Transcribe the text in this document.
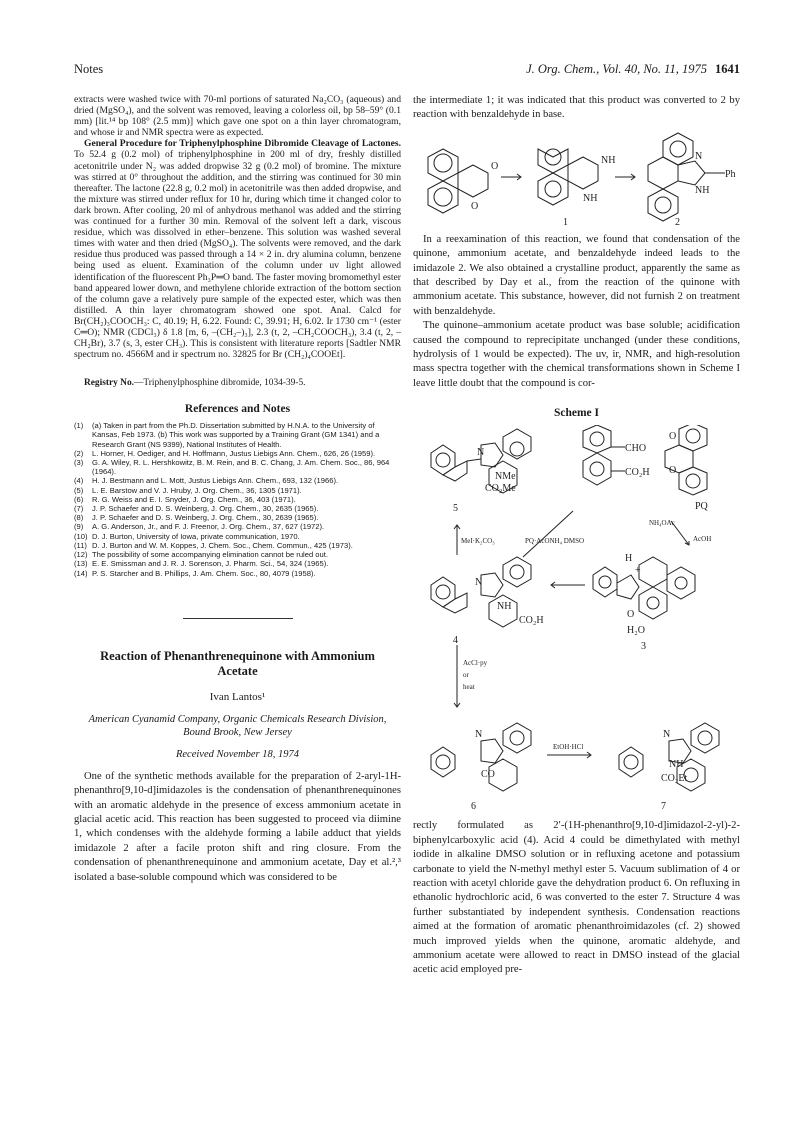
Notes	J. Org. Chem., Vol. 40, No. 11, 1975 1641

extracts were washed twice with 70-ml portions of saturated Na₂CO₃ (aqueous) and dried (MgSO₄), and the solvent was removed, leaving a colorless oil, bp 58–59° (0.1 mm) [lit.¹⁴ bp 108° (2.5 mm)] which gave one spot on a thin layer chromatogram, and whose ir and NMR spectra were as expected.

General Procedure for Triphenylphosphine Dibromide Cleavage of Lactones. To 52.4 g (0.2 mol) of triphenylphosphine in 200 ml of dry, freshly distilled acetonitrile under N₂ was added dropwise 32 g (0.2 mol) of bromine. The mixture was stirred at 0° throughout the addition, and the stirring was continued for 30 min thereafter. The lactone (22.8 g, 0.2 mol) in acetonitrile was then added dropwise, and the mixture was stirred under reflux for 10 hr, during which time it changed color to dark brown. After cooling, 20 ml of anhydrous methanol was added and the stirring was continued for a further 30 min. Removal of the solvent left a dark, viscous residue, which was dissolved in ether–benzene. This solution was washed several times with water and then dried (MgSO₄). The solvents were removed, and the dark residue thus produced was passed through a 14 × 2 in. dry alumina column, benzene being used as eluent. Examination of the column under uv light allowed identification of the fluorescent Ph₃P═O band. The faster moving bromomethyl ester band appeared lower down, and methylene chloride extraction of the bottom section of the column gave a relatively pure sample of the expected ester, which was then distilled. A thin layer chromatogram showed one spot. Anal. Calcd for Br(CH₂)₃COOCH₃: C, 40.19; H, 6.22. Found: C, 39.91; H, 6.02. Ir 1730 cm⁻¹ (ester C═O); NMR (CDCl₃) δ 1.8 [m, 6, –(CH₂–)₃], 2.3 (t, 2, –CH₂COOCH₃), 3.4 (t, 2, –CH₂Br), 3.7 (s, 3, ester CH₃). This is consistent with literature reports [Sadtler NMR spectrum no. 4566M and ir spectrum no. 32825 for Br (CH₂)₄COOEt].

Registry No.—Triphenylphosphine dibromide, 1034-39-5.

References and Notes
(1)	(a) Taken in part from the Ph.D. Dissertation submitted by H.N.A. to the University of Kansas, Feb 1973. (b) This work was supported by a Training Grant (GM 1341) and a Research Grant (NS 9399), National Institutes of Health.
(2)	L. Horner, H. Oediger, and H. Hoffmann, Justus Liebigs Ann. Chem., 626, 26 (1959).
(3)	G. A. Wiley, R. L. Hershkowitz, B. M. Rein, and B. C. Chang, J. Am. Chem. Soc., 86, 964 (1964).
(4)	H. J. Bestmann and L. Mott, Justus Liebigs Ann. Chem., 693, 132 (1966).
(5)	L. E. Barstow and V. J. Hruby, J. Org. Chem., 36, 1305 (1971).
(6)	R. G. Weiss and E. I. Snyder, J. Org. Chem., 36, 403 (1971).
(7)	J. P. Schaefer and D. S. Weinberg, J. Org. Chem., 30, 2635 (1965).
(8)	J. P. Schaefer and D. S. Weinberg, J. Org. Chem., 30, 2639 (1965).
(9)	A. G. Anderson, Jr., and F. J. Freenor, J. Org. Chem., 37, 627 (1972).
(10) D. J. Burton, University of Iowa, private communication, 1970.
(11) D. J. Burton and W. M. Koppes, J. Chem. Soc., Chem. Commun., 425 (1973).
(12) The possibility of some accompanying elimination cannot be ruled out.
(13) E. E. Smissman and J. R. J. Sorenson, J. Pharm. Sci., 54, 324 (1965).
(14) P. S. Starcher and B. Phillips, J. Am. Chem. Soc., 80, 4079 (1958).
Reaction of Phenanthrenequinone with Ammonium Acetate
Ivan Lantos¹
American Cyanamid Company, Organic Chemicals Research Division, Bound Brook, New Jersey
Received November 18, 1974

One of the synthetic methods available for the preparation of 2-aryl-1H-phenanthro[9,10-d]imidazoles is the condensation of phenanthrenequinones with an aromatic aldehyde in the presence of excess ammonium acetate in glacial acetic acid. This reaction has been suggested to proceed via diimine 1, which condenses with the aldehyde forming a labile adduct that yields imidazole 2 after a facile proton shift and ring closure. From the condensation of phenanthrenequinone and ammonium acetate, Day et al.²,³ isolated a base-soluble compound which was considered to be

the intermediate 1; it was indicated that this product was converted to 2 by reaction with benzaldehyde in base.

O
O
NH
NH
N
NH
Ph
1	2

In a reexamination of this reaction, we found that condensation of the quinone, ammonium acetate, and benzaldehyde indeed leads to the imidazole 2. We also obtained a crystalline product, apparently the same as that described by Day et al., from the reaction of the quinone with ammonium acetate. This substance, however, did not furnish 2 on treatment with benzaldehyde.

The quinone–ammonium acetate product was base soluble; acidification caused the compound to reprecipitate unchanged (under these conditions, hydrolysis of 1 would be expected). The uv, ir, NMR, and high-resolution mass spectra together with the chemical transformations shown in Scheme I leave little doubt that the compound is cor-

Scheme I
N
NMe
CO₂Me
5
CHO
CO₂H
O
O
PQ
MeI·K₂CO₃	PQ·AcONH₄ DMSO
NH₄OAc
AcOH
N
NH
CO₂H
4
H
+
O
H₂O
3
AcCl·py
or
heat
N
CO
6
EtOH·HCl
N
NH
CO₂Et
7

rectly formulated as 2′-(1H-phenanthro[9,10-d]imidazol-2-yl)-2-biphenylcarboxylic acid (4). Acid 4 could be dimethylated with methyl iodide in alkaline DMSO solution or in refluxing acetone and potassium carbonate to yield the N-methyl methyl ester 5. Vacuum sublimation of 4 or reaction with acetyl chloride gave the dehydration product 6. On refluxing in ethanolic hydrochloric acid, 6 was converted to the ester 7. Structure 4 was further substantiated by independent synthesis. Condensation reactions aimed at the formation of aromatic phenanthroimidazoles (cf. 2) showed much improved yields when the quinone, aromatic aldehyde, and ammonium acetate were allowed to react in DMSO instead of the glacial acetic acid employed pre-
